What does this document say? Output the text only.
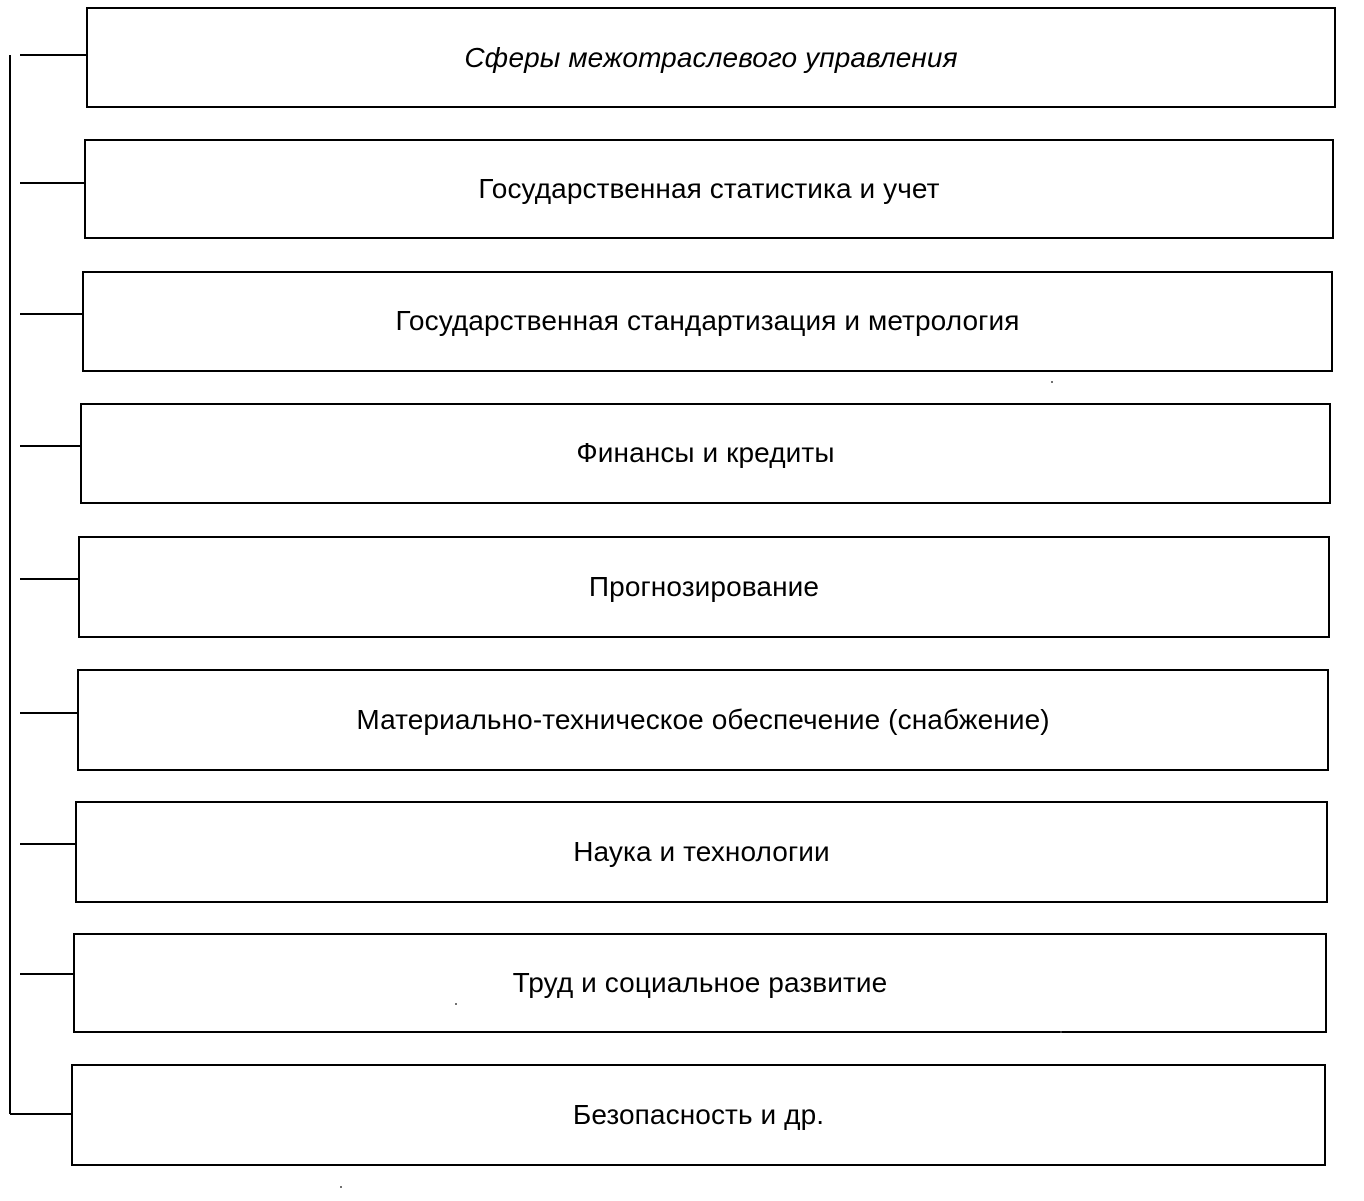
Сферы межотраслевого управления
Государственная статистика и учет
Государственная стандартизация и метрология
Финансы и кредиты
Прогнозирование
Материально-техническое обеспечение (снабжение)
Наука и технологии
Труд и социальное развитие
Безопасность и др.
